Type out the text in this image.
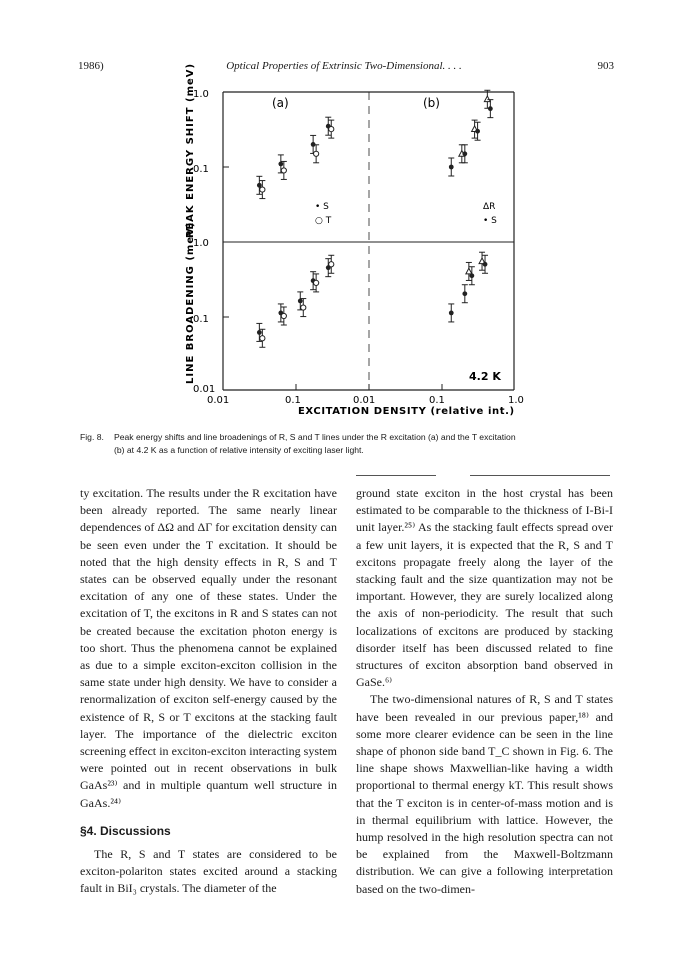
1986)	Optical Properties of Extrinsic Two-Dimensional. . . .	903
PEAK ENERGY SHIFT (meV)
LINE BROADENING (meV)
1.0
0.1
1.0
0.1
0.01
0.01	0.1	0.01	0.1	1.0
EXCITATION DENSITY (relative int.)
(a)	(b)
• S
○ T
ΔR
• S
4.2 K
Fig. 8. Peak energy shifts and line broadenings of R, S and T lines under the R excitation (a) and the T excitation
(b) at 4.2 K as a function of relative intensity of exciting laser light.

ty excitation. The results under the R excitation have been already reported. The same nearly linear dependences of ΔΩ and ΔΓ for excitation density can be seen even under the T excitation. It should be noted that the high density effects in R, S and T states can be observed equally under the resonant excitation of any one of these states. Under the excitation of T, the excitons in R and S states can not be created because the excitation photon energy is too short. Thus the phenomena cannot be explained as due to a simple exciton-exciton collision in the same state under high density. We have to consider a renormalization of exciton self-energy caused by the existence of R, S or T excitons at the stacking fault layer. The importance of the dielectric exciton screening effect in exciton-exciton interacting system were pointed out in recent observations in bulk GaAs²³⁾ and in multiple quantum well structure in GaAs.²⁴⁾

§4. Discussions

The R, S and T states are considered to be exciton-polariton states excited around a stacking fault in BiI₃ crystals. The diameter of the

ground state exciton in the host crystal has been estimated to be comparable to the thickness of I-Bi-I unit layer.²⁵⁾ As the stacking fault effects spread over a few unit layers, it is expected that the R, S and T excitons propagate freely along the layer of the stacking fault and the size quantization may not be important. However, they are surely localized along the axis of non-periodicity. The result that such localizations of excitons are produced by stacking disorder itself has been discussed related to fine structures of exciton absorption band observed in GaSe.⁶⁾

The two-dimensional natures of R, S and T states have been revealed in our previous paper,¹⁸⁾ and some more clearer evidence can be seen in the line shape of phonon side band T_C shown in Fig. 6. The line shape shows Maxwellian-like having a width proportional to thermal energy kT. This result shows that the T exciton is in center-of-mass motion and is in thermal equilibrium with lattice. However, the hump resolved in the high resolution spectra can not be explained from the Maxwell-Boltzmann distribution. We can give a following interpretation based on the two-dimen-
